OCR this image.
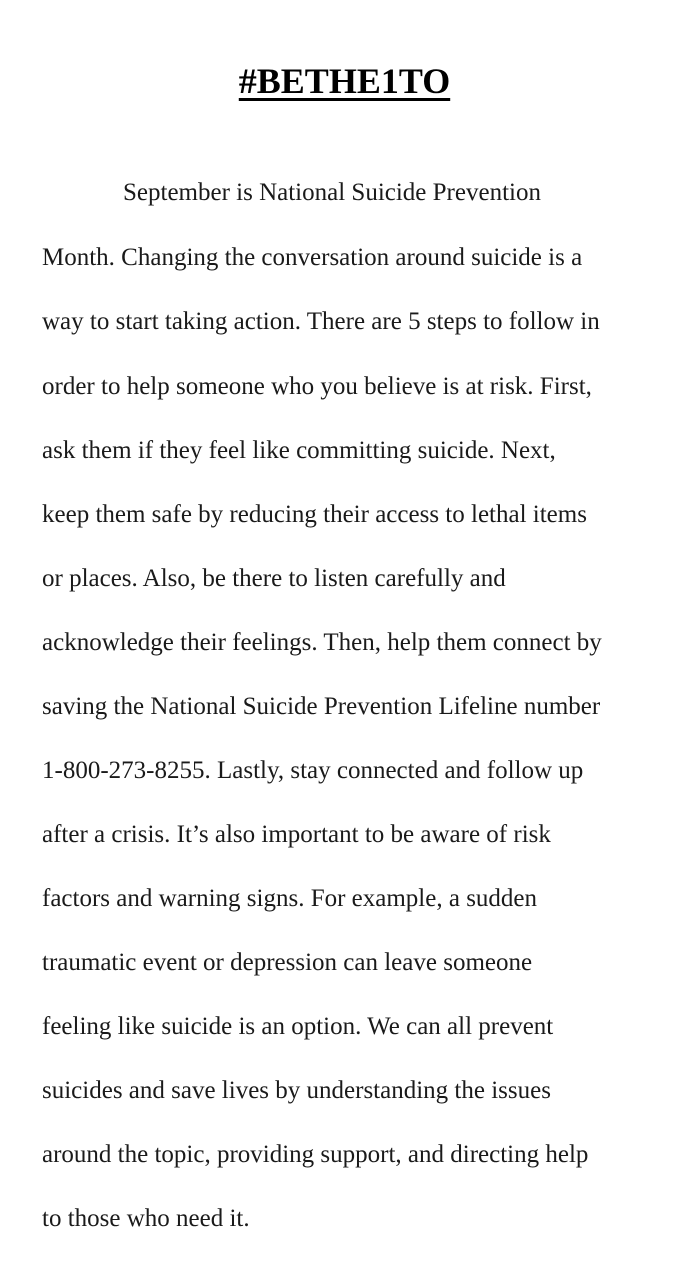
#BETHE1TO
September is National Suicide Prevention
Month. Changing the conversation around suicide is a
way to start taking action. There are 5 steps to follow in
order to help someone who you believe is at risk. First,
ask them if they feel like committing suicide. Next,
keep them safe by reducing their access to lethal items
or places. Also, be there to listen carefully and
acknowledge their feelings. Then, help them connect by
saving the National Suicide Prevention Lifeline number
1-800-273-8255. Lastly, stay connected and follow up
after a crisis. It’s also important to be aware of risk
factors and warning signs. For example, a sudden
traumatic event or depression can leave someone
feeling like suicide is an option. We can all prevent
suicides and save lives by understanding the issues
around the topic, providing support, and directing help
to those who need it.
